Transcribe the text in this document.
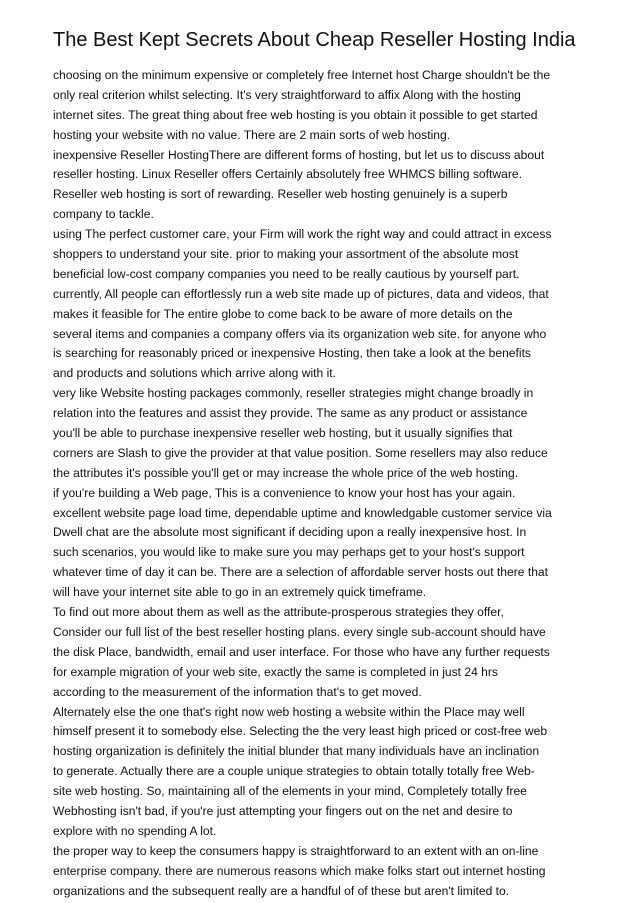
The Best Kept Secrets About Cheap Reseller Hosting India
choosing on the minimum expensive or completely free Internet host Charge shouldn't be the
only real criterion whilst selecting. It's very straightforward to affix Along with the hosting
internet sites. The great thing about free web hosting is you obtain it possible to get started
hosting your website with no value. There are 2 main sorts of web hosting.
inexpensive Reseller HostingThere are different forms of hosting, but let us to discuss about
reseller hosting. Linux Reseller offers Certainly absolutely free WHMCS billing software.
Reseller web hosting is sort of rewarding. Reseller web hosting genuinely is a superb
company to tackle.
using The perfect customer care, your Firm will work the right way and could attract in excess
shoppers to understand your site. prior to making your assortment of the absolute most
beneficial low-cost company companies you need to be really cautious by yourself part.
currently, All people can effortlessly run a web site made up of pictures, data and videos, that
makes it feasible for The entire globe to come back to be aware of more details on the
several items and companies a company offers via its organization web site. for anyone who
is searching for reasonably priced or inexpensive Hosting, then take a look at the benefits
and products and solutions which arrive along with it.
very like Website hosting packages commonly, reseller strategies might change broadly in
relation into the features and assist they provide. The same as any product or assistance
you'll be able to purchase inexpensive reseller web hosting, but it usually signifies that
corners are Slash to give the provider at that value position. Some resellers may also reduce
the attributes it's possible you'll get or may increase the whole price of the web hosting.
if you're building a Web page, This is a convenience to know your host has your again.
excellent website page load time, dependable uptime and knowledgable customer service via
Dwell chat are the absolute most significant if deciding upon a really inexpensive host. In
such scenarios, you would like to make sure you may perhaps get to your host's support
whatever time of day it can be. There are a selection of affordable server hosts out there that
will have your internet site able to go in an extremely quick timeframe.
To find out more about them as well as the attribute-prosperous strategies they offer,
Consider our full list of the best reseller hosting plans. every single sub-account should have
the disk Place, bandwidth, email and user interface. For those who have any further requests
for example migration of your web site, exactly the same is completed in just 24 hrs
according to the measurement of the information that's to get moved.
Alternately else the one that's right now web hosting a website within the Place may well
himself present it to somebody else. Selecting the the very least high priced or cost-free web
hosting organization is definitely the initial blunder that many individuals have an inclination
to generate. Actually there are a couple unique strategies to obtain totally totally free Web-
site web hosting. So, maintaining all of the elements in your mind, Completely totally free
Webhosting isn't bad, if you're just attempting your fingers out on the net and desire to
explore with no spending A lot.
the proper way to keep the consumers happy is straightforward to an extent with an on-line
enterprise company. there are numerous reasons which make folks start out internet hosting
organizations and the subsequent really are a handful of of these but aren't limited to.
